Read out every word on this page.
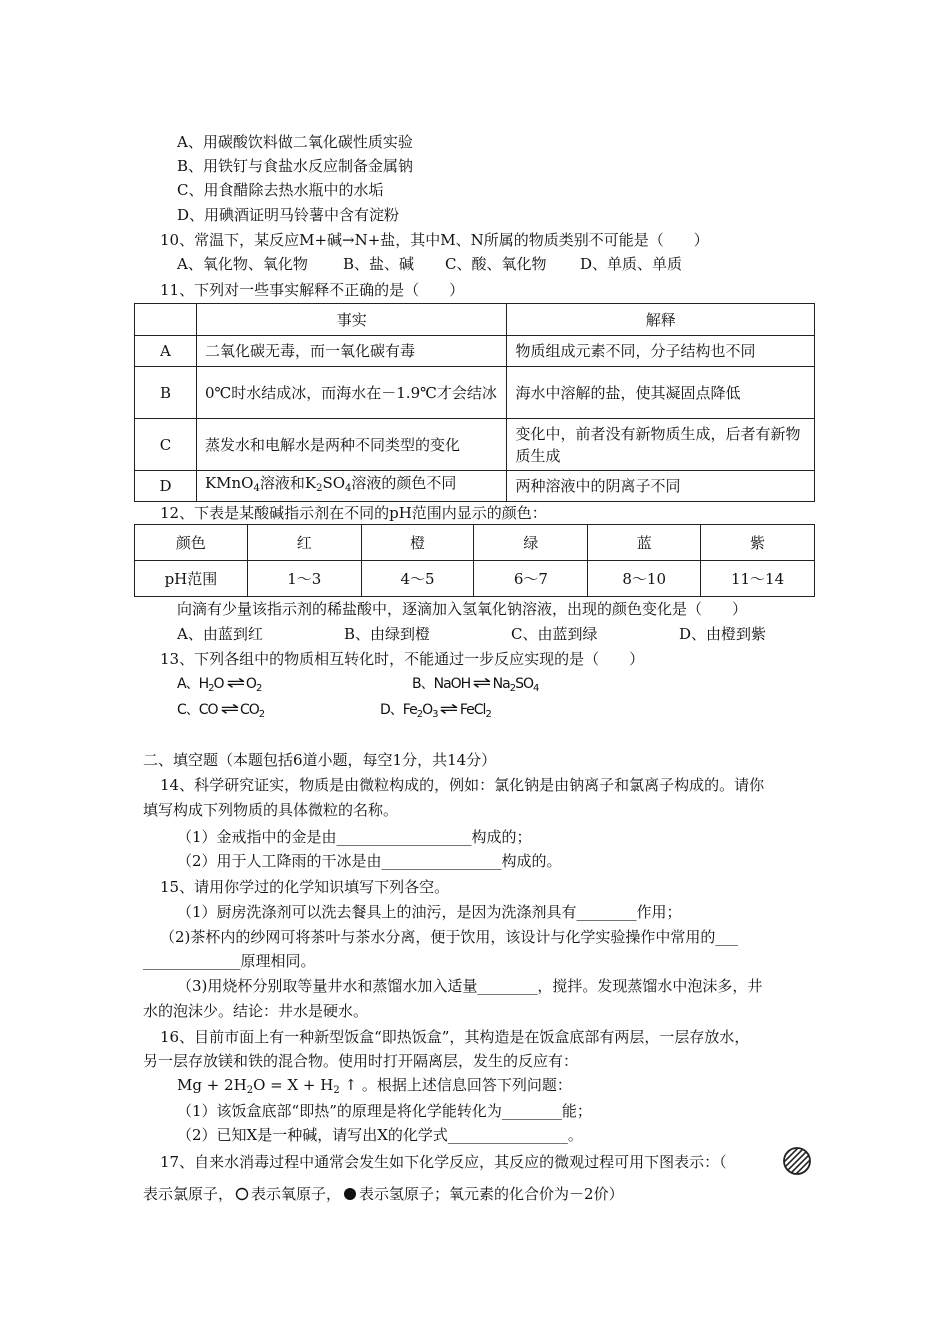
A、用碳酸饮料做二氧化碳性质实验
B、用铁钉与食盐水反应制备金属钠
C、用食醋除去热水瓶中的水垢
D、用碘酒证明马铃薯中含有淀粉
10、常温下，某反应M+碱→N+盐，其中M、N所属的物质类别不可能是（　　）
A、氧化物、氧化物 B、盐、碱 C、酸、氧化物 D、单质、单质
11、下列对一些事实解释不正确的是（　　）
	事实	解释
A	二氧化碳无毒，而一氧化碳有毒	物质组成元素不同，分子结构也不同
B	0℃时水结成冰，而海水在－1.9℃才会结冰	海水中溶解的盐，使其凝固点降低
C	蒸发水和电解水是两种不同类型的变化	变化中，前者没有新物质生成，后者有新物质生成
D	KMnO$_4$溶液和$K_2SO_4$溶液的颜色不同	两种溶液中的阴离子不同
12、下表是某酸碱指示剂在不同的pH范围内显示的颜色：
颜色	红	橙	绿	蓝	紫
pH范围	1～3	4～5	6～7	8～10	11～14
向滴有少量该指示剂的稀盐酸中，逐滴加入氢氧化钠溶液，出现的颜色变化是（　　）
A、由蓝到红	B、由绿到橙	C、由蓝到绿	D、由橙到紫
13、下列各组中的物质相互转化时，不能通过一步反应实现的是（　　）
A、$H_2O$ ⇌ $O_2$	B、NaOH ⇌ $Na_2SO_4$
C、CO ⇌ $CO_2$	D、$Fe_2O_3$ ⇌ FeCl$_2$
二、填空题（本题包括6道小题，每空1分，共14分）
14、科学研究证实，物质是由微粒构成的，例如：氯化钠是由钠离子和氯离子构成的。请你
填写构成下列物质的具体微粒的名称。
（1）金戒指中的金是由__________________构成的；
（2）用于人工降雨的干冰是由________________构成的。
15、请用你学过的化学知识填写下列各空。
（1）厨房洗涤剂可以洗去餐具上的油污，是因为洗涤剂具有________作用；
（2)茶杯内的纱网可将茶叶与茶水分离，便于饮用，该设计与化学实验操作中常用的___
_____________原理相同。
（3)用烧杯分别取等量井水和蒸馏水加入适量________，搅拌。发现蒸馏水中泡沫多，井
水的泡沫少。结论：井水是硬水。
16、目前市面上有一种新型饭盒“即热饭盒”，其构造是在饭盒底部有两层，一层存放水，
另一层存放镁和铁的混合物。使用时打开隔离层，发生的反应有：
$Mg + 2H_2O = X + H_2$ ↑ 。根据上述信息回答下列问题：
（1）该饭盒底部“即热”的原理是将化学能转化为________能；
（2）已知X是一种碱，请写出X的化学式________________。
17、自来水消毒过程中通常会发生如下化学反应，其反应的微观过程可用下图表示：（
表示氯原子， 表示氧原子， 表示氢原子；氧元素的化合价为－2价）
